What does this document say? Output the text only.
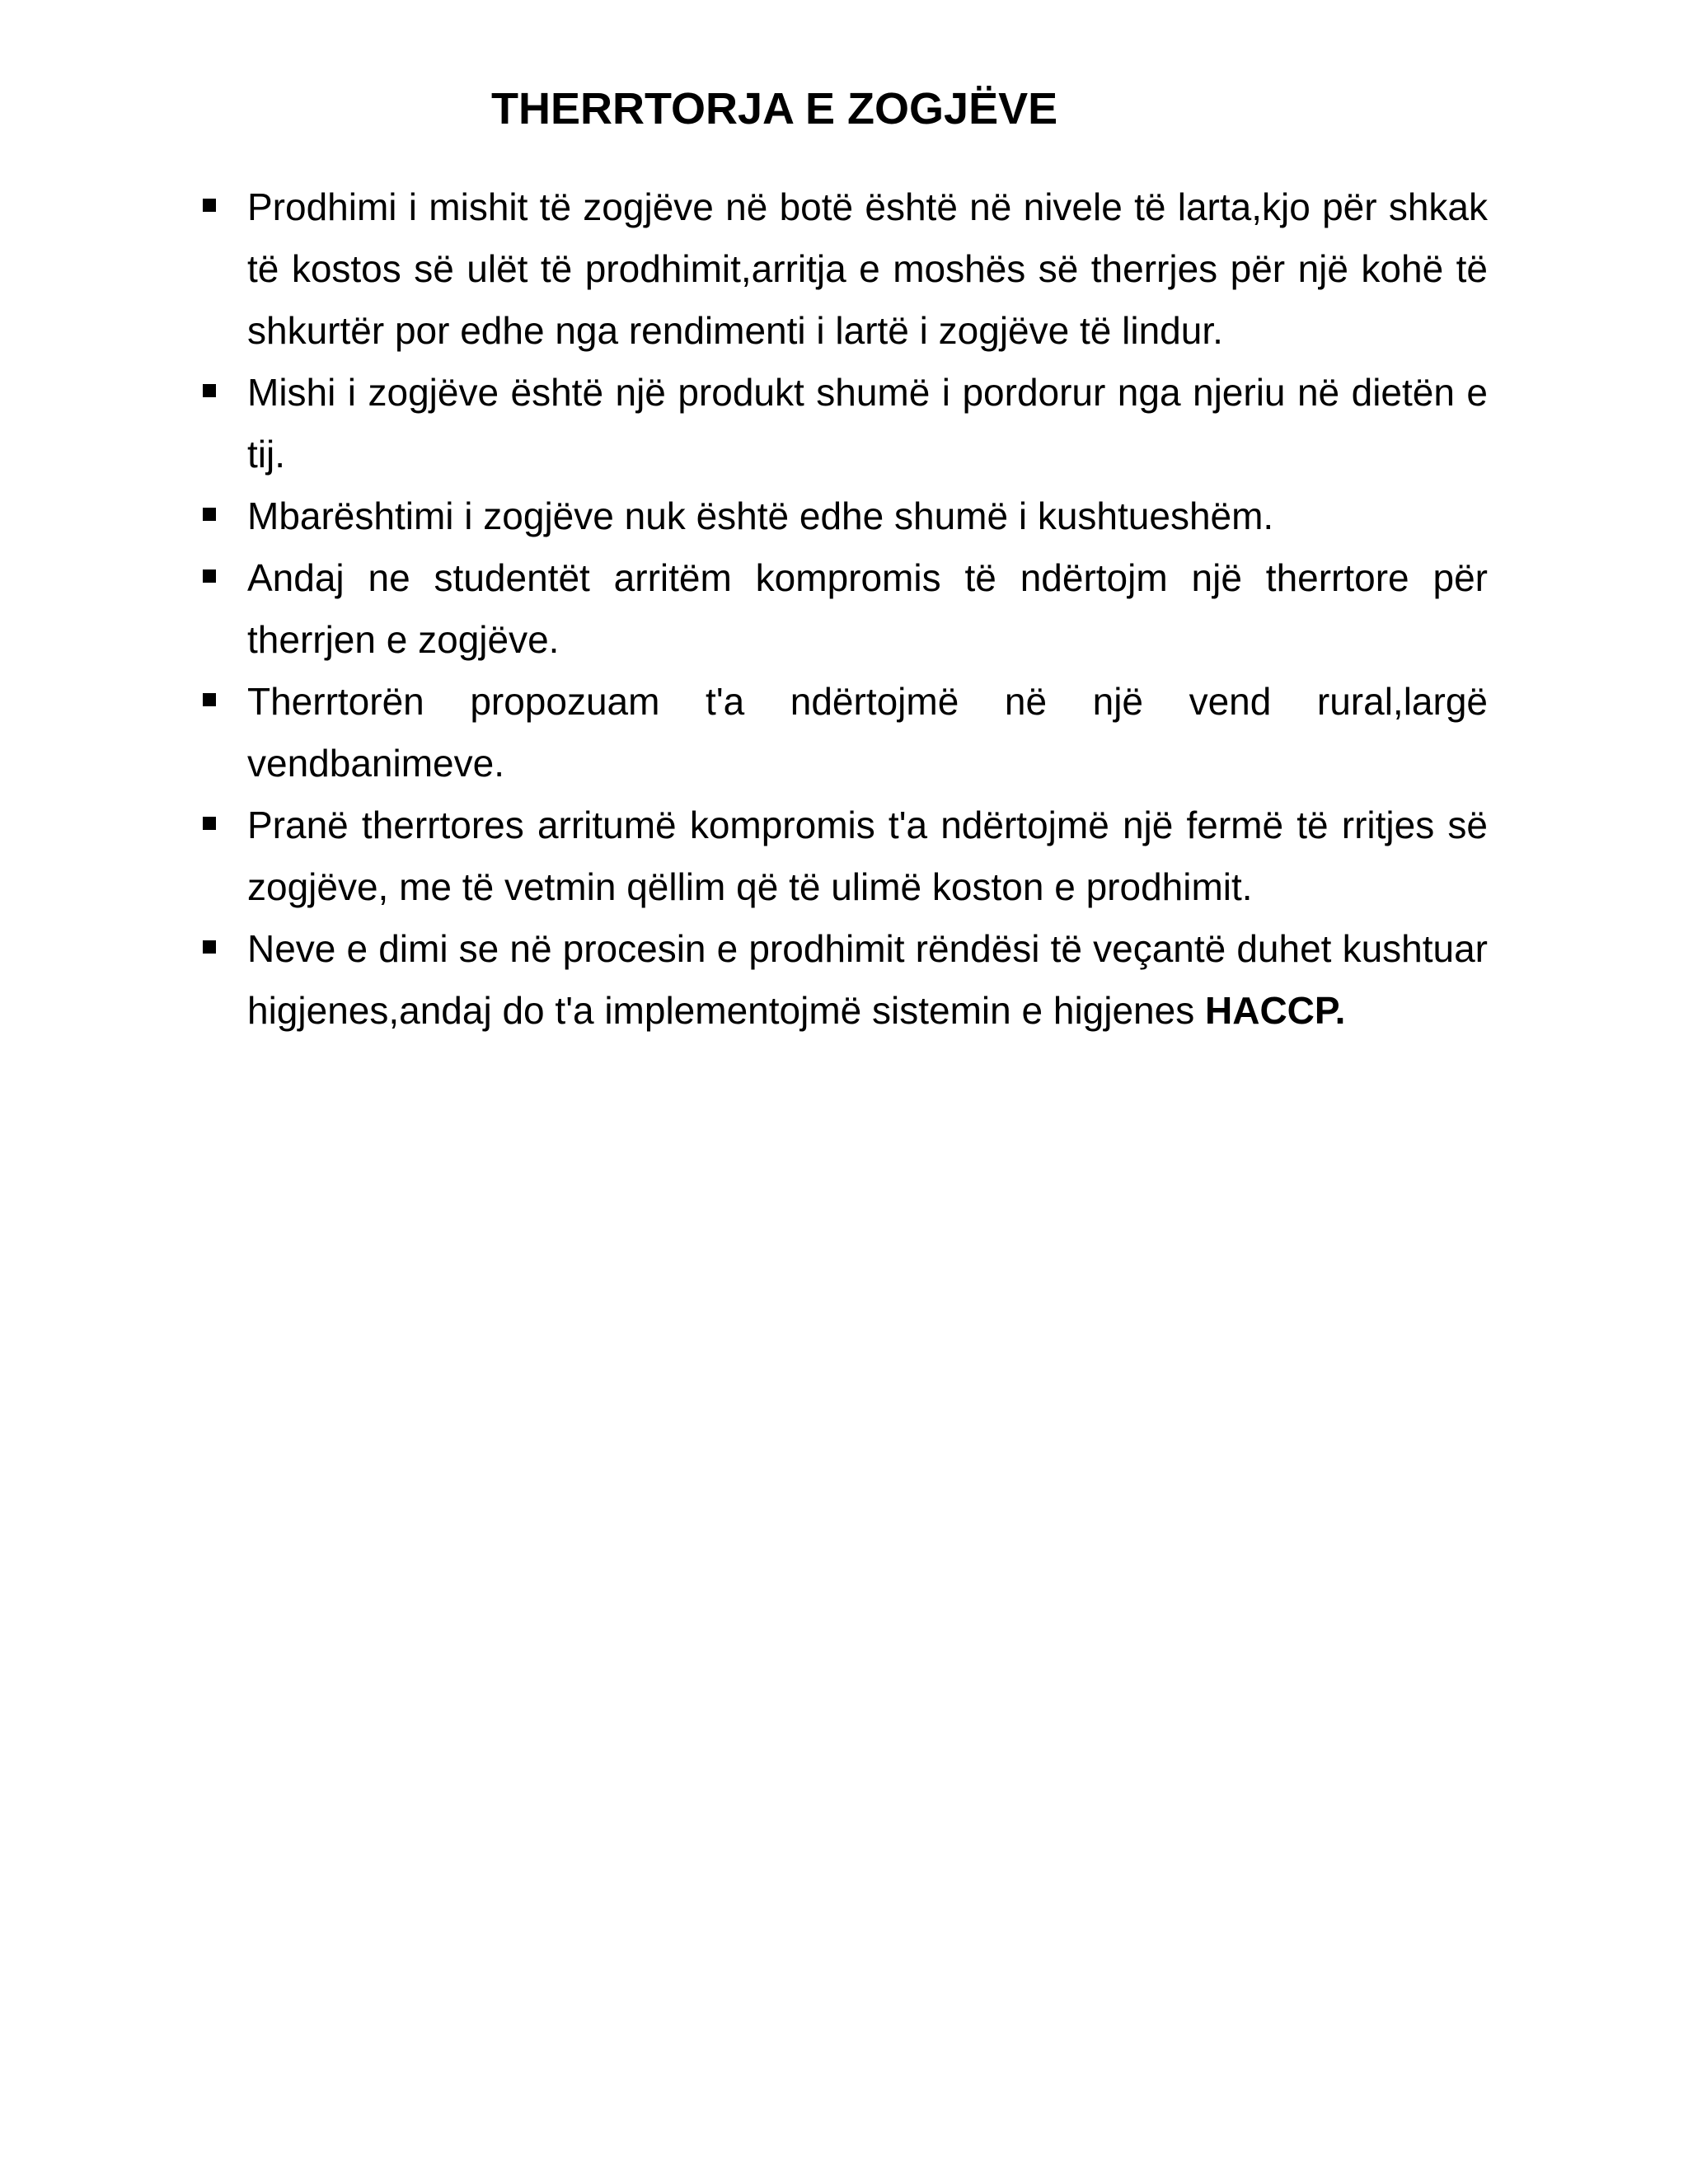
THERRTORJA E ZOGJËVE
Prodhimi i mishit të zogjëve në botë është në nivele të larta,kjo për shkak të kostos së ulët të prodhimit,arritja e moshës së therrjes për një kohë të shkurtër por edhe nga rendimenti i lartë i zogjëve të lindur.
Mishi i zogjëve është një produkt shumë i pordorur nga njeriu në dietën e tij.
Mbarështimi i zogjëve nuk është edhe shumë i kushtueshëm.
Andaj ne studentët arritëm kompromis të ndërtojm një therrtore për therrjen e zogjëve.
Therrtorën propozuam tʹa ndërtojmë në një vend rural,largë vendbanimeve.
Pranë therrtores arritumë kompromis tʹa ndërtojmë një fermë të rritjes së zogjëve, me të vetmin qëllim që të ulimë koston e prodhimit.
Neve e dimi se në procesin e prodhimit rëndësi të veçantë duhet kushtuar higjenes,andaj do tʹa implementojmë sistemin e higjenes HACCP.
